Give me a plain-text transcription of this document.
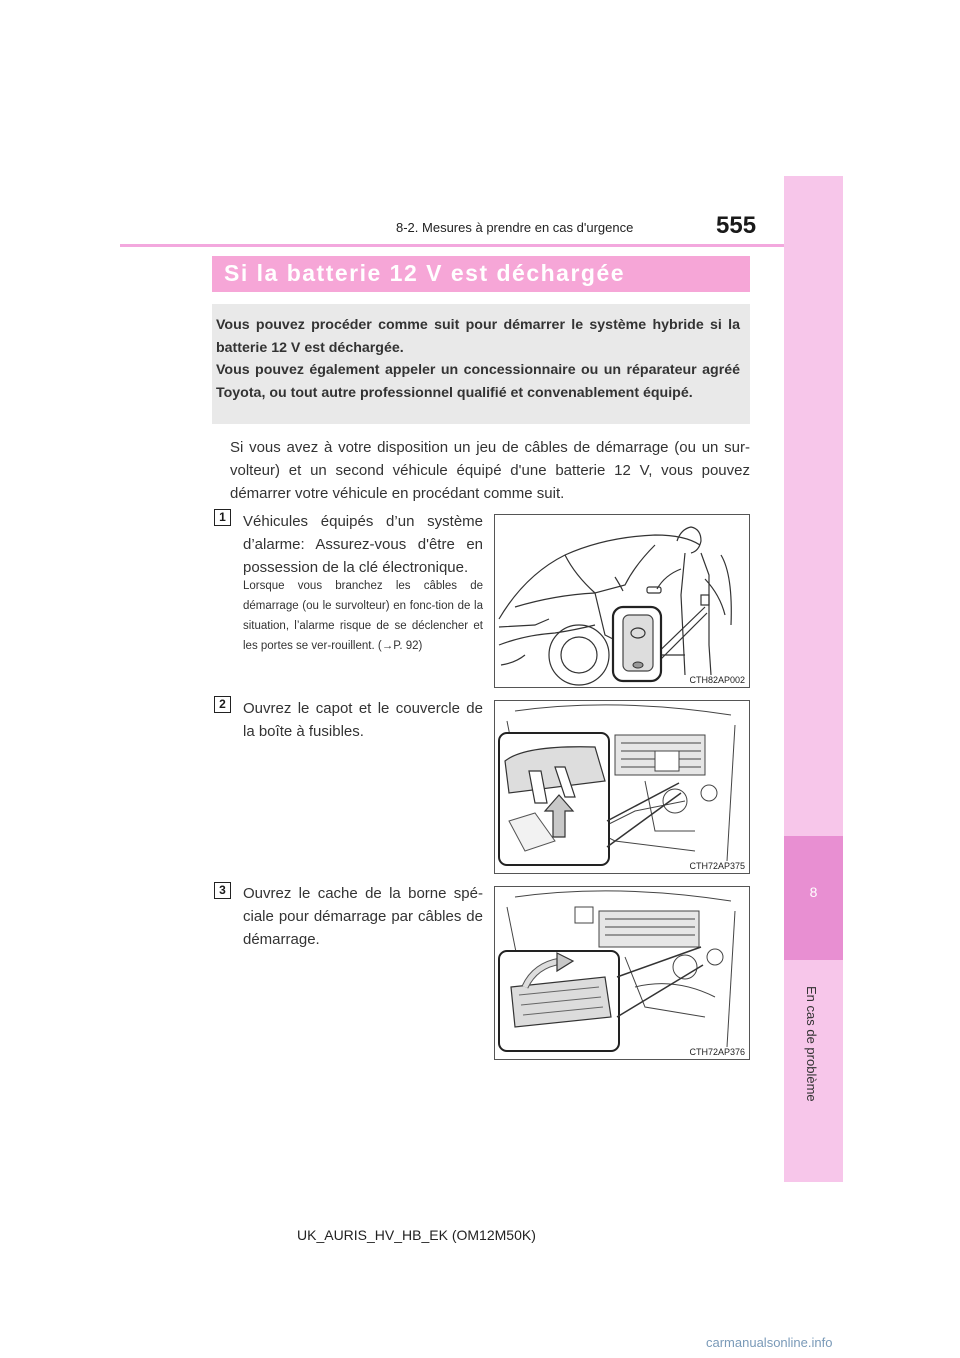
8
En cas de problème
8-2. Mesures à prendre en cas d'urgence	555
Si la batterie 12 V est déchargée

Vous pouvez procéder comme suit pour démarrer le système hybride si la batterie 12 V est déchargée.

Vous pouvez également appeler un concessionnaire ou un réparateur agréé Toyota, ou tout autre professionnel qualifié et convenablement équipé.

Si vous avez à votre disposition un jeu de câbles de démarrage (ou un sur-volteur) et un second véhicule équipé d'une batterie 12 V, vous pouvez démarrer votre véhicule en procédant comme suit.

1	Véhicules équipés d’un système d’alarme: Assurez-vous d'être en possession de la clé électronique.

Lorsque vous branchez les câbles de démarrage (ou le survolteur) en fonc-tion de la situation, l’alarme risque de se déclencher et les portes se ver-rouillent. (→P. 92)

CTH82AP002
2	Ouvrez le capot et le couvercle de la boîte à fusibles.

CTH72AP375
3	Ouvrez le cache de la borne spé-ciale pour démarrage par câbles de démarrage.

CTH72AP376
UK_AURIS_HV_HB_EK (OM12M50K)
carmanualsonline.info
